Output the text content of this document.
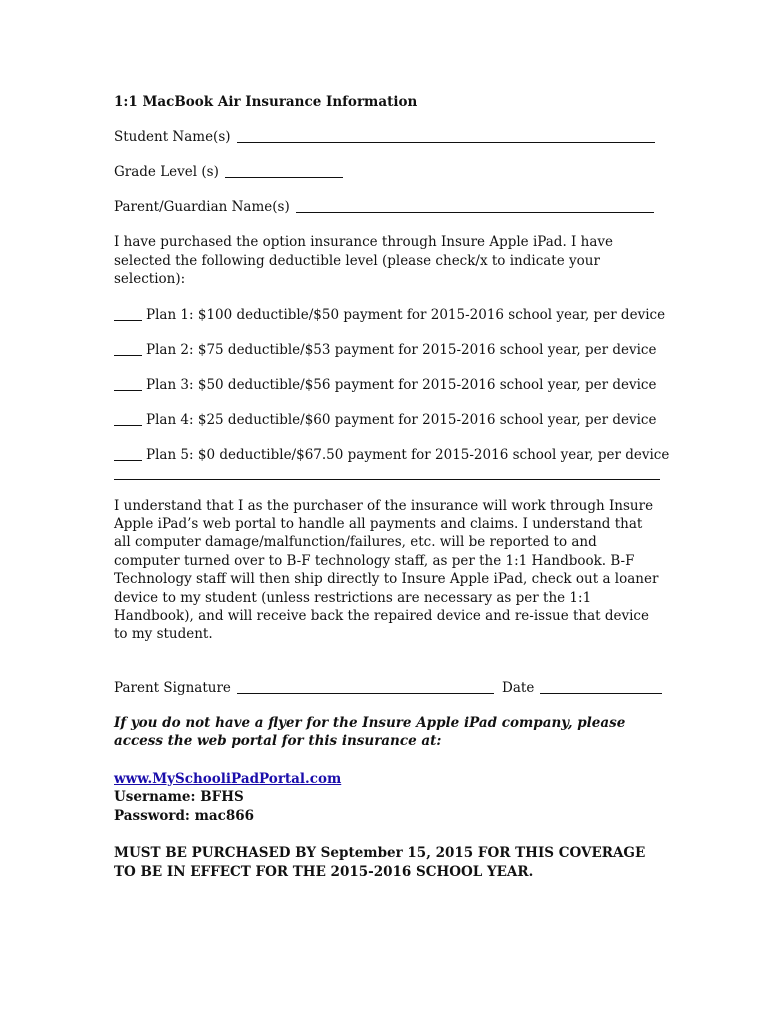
1:1 MacBook Air Insurance Information
Student Name(s)
Grade Level (s)
Parent/Guardian Name(s)

I have purchased the option insurance through Insure Apple iPad. I have selected the following deductible level (please check/x to indicate your selection):

Plan 1: $100 deductible/$50 payment for 2015-2016 school year, per device
Plan 2: $75 deductible/$53 payment for 2015-2016 school year, per device
Plan 3: $50 deductible/$56 payment for 2015-2016 school year, per device
Plan 4: $25 deductible/$60 payment for 2015-2016 school year, per device
Plan 5: $0 deductible/$67.50 payment for 2015-2016 school year, per device

I understand that I as the purchaser of the insurance will work through Insure Apple iPad’s web portal to handle all payments and claims. I understand that all computer damage/malfunction/failures, etc. will be reported to and computer turned over to B-F technology staff, as per the 1:1 Handbook. B-F Technology staff will then ship directly to Insure Apple iPad, check out a loaner device to my student (unless restrictions are necessary as per the 1:1 Handbook), and will receive back the repaired device and re-issue that device to my student.

Parent Signature	Date

If you do not have a flyer for the Insure Apple iPad company, please access the web portal for this insurance at:

www.MySchooliPadPortal.com

Username: BFHS

Password: mac866

MUST BE PURCHASED BY September 15, 2015 FOR THIS COVERAGE TO BE IN EFFECT FOR THE 2015-2016 SCHOOL YEAR.
